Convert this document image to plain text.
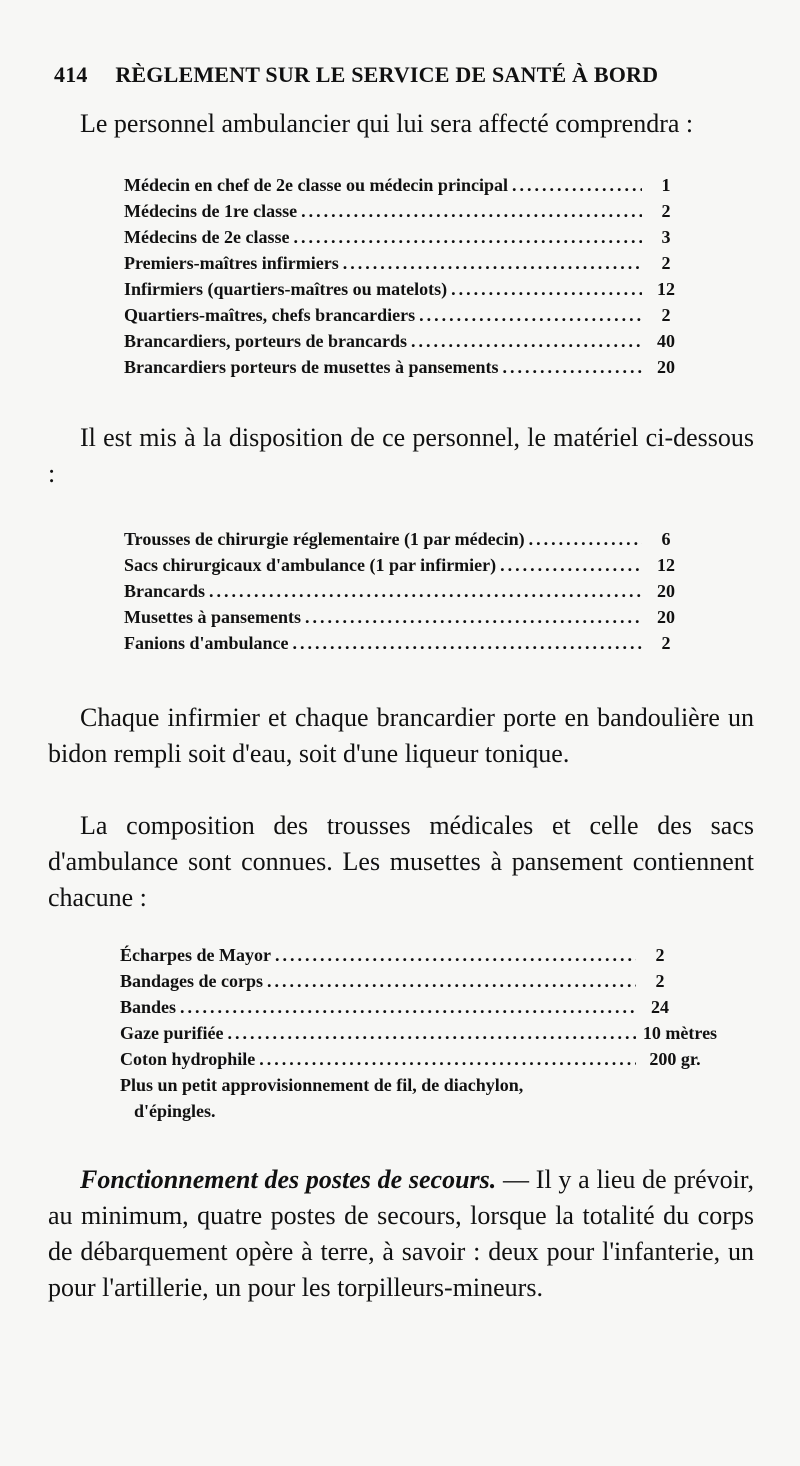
414 RÈGLEMENT SUR LE SERVICE DE SANTÉ À BORD
Le personnel ambulancier qui lui sera affecté comprendra :
Médecin en chef de 2e classe ou médecin principal .....	1
Médecins de 1re classe .....	2
Médecins de 2e classe .....	3
Premiers-maîtres infirmiers .....	2
Infirmiers (quartiers-maîtres ou matelots) .....	12
Quartiers-maîtres, chefs brancardiers .....	2
Brancardiers, porteurs de brancards .....	40
Brancardiers porteurs de musettes à pansements .....	20
Il est mis à la disposition de ce personnel, le matériel ci-dessous :
Trousses de chirurgie réglementaire (1 par médecin) .....	6
Sacs chirurgicaux d'ambulance (1 par infirmier) .....	12
Brancards .....	20
Musettes à pansements .....	20
Fanions d'ambulance .....	2
Chaque infirmier et chaque brancardier porte en bandoulière un bidon rempli soit d'eau, soit d'une liqueur tonique.
La composition des trousses médicales et celle des sacs d'ambulance sont connues. Les musettes à pansement contiennent chacune :
Écharpes de Mayor .....	2
Bandages de corps .....	2
Bandes .....	24
Gaze purifiée .....	10 mètres
Coton hydrophile .....	200 gr.
Plus un petit approvisionnement de fil, de diachylon,
d'épingles.
Fonctionnement des postes de secours. — Il y a lieu de prévoir, au minimum, quatre postes de secours, lorsque la totalité du corps de débarquement opère à terre, à savoir : deux pour l'infanterie, un pour l'artillerie, un pour les torpilleurs-mineurs.
